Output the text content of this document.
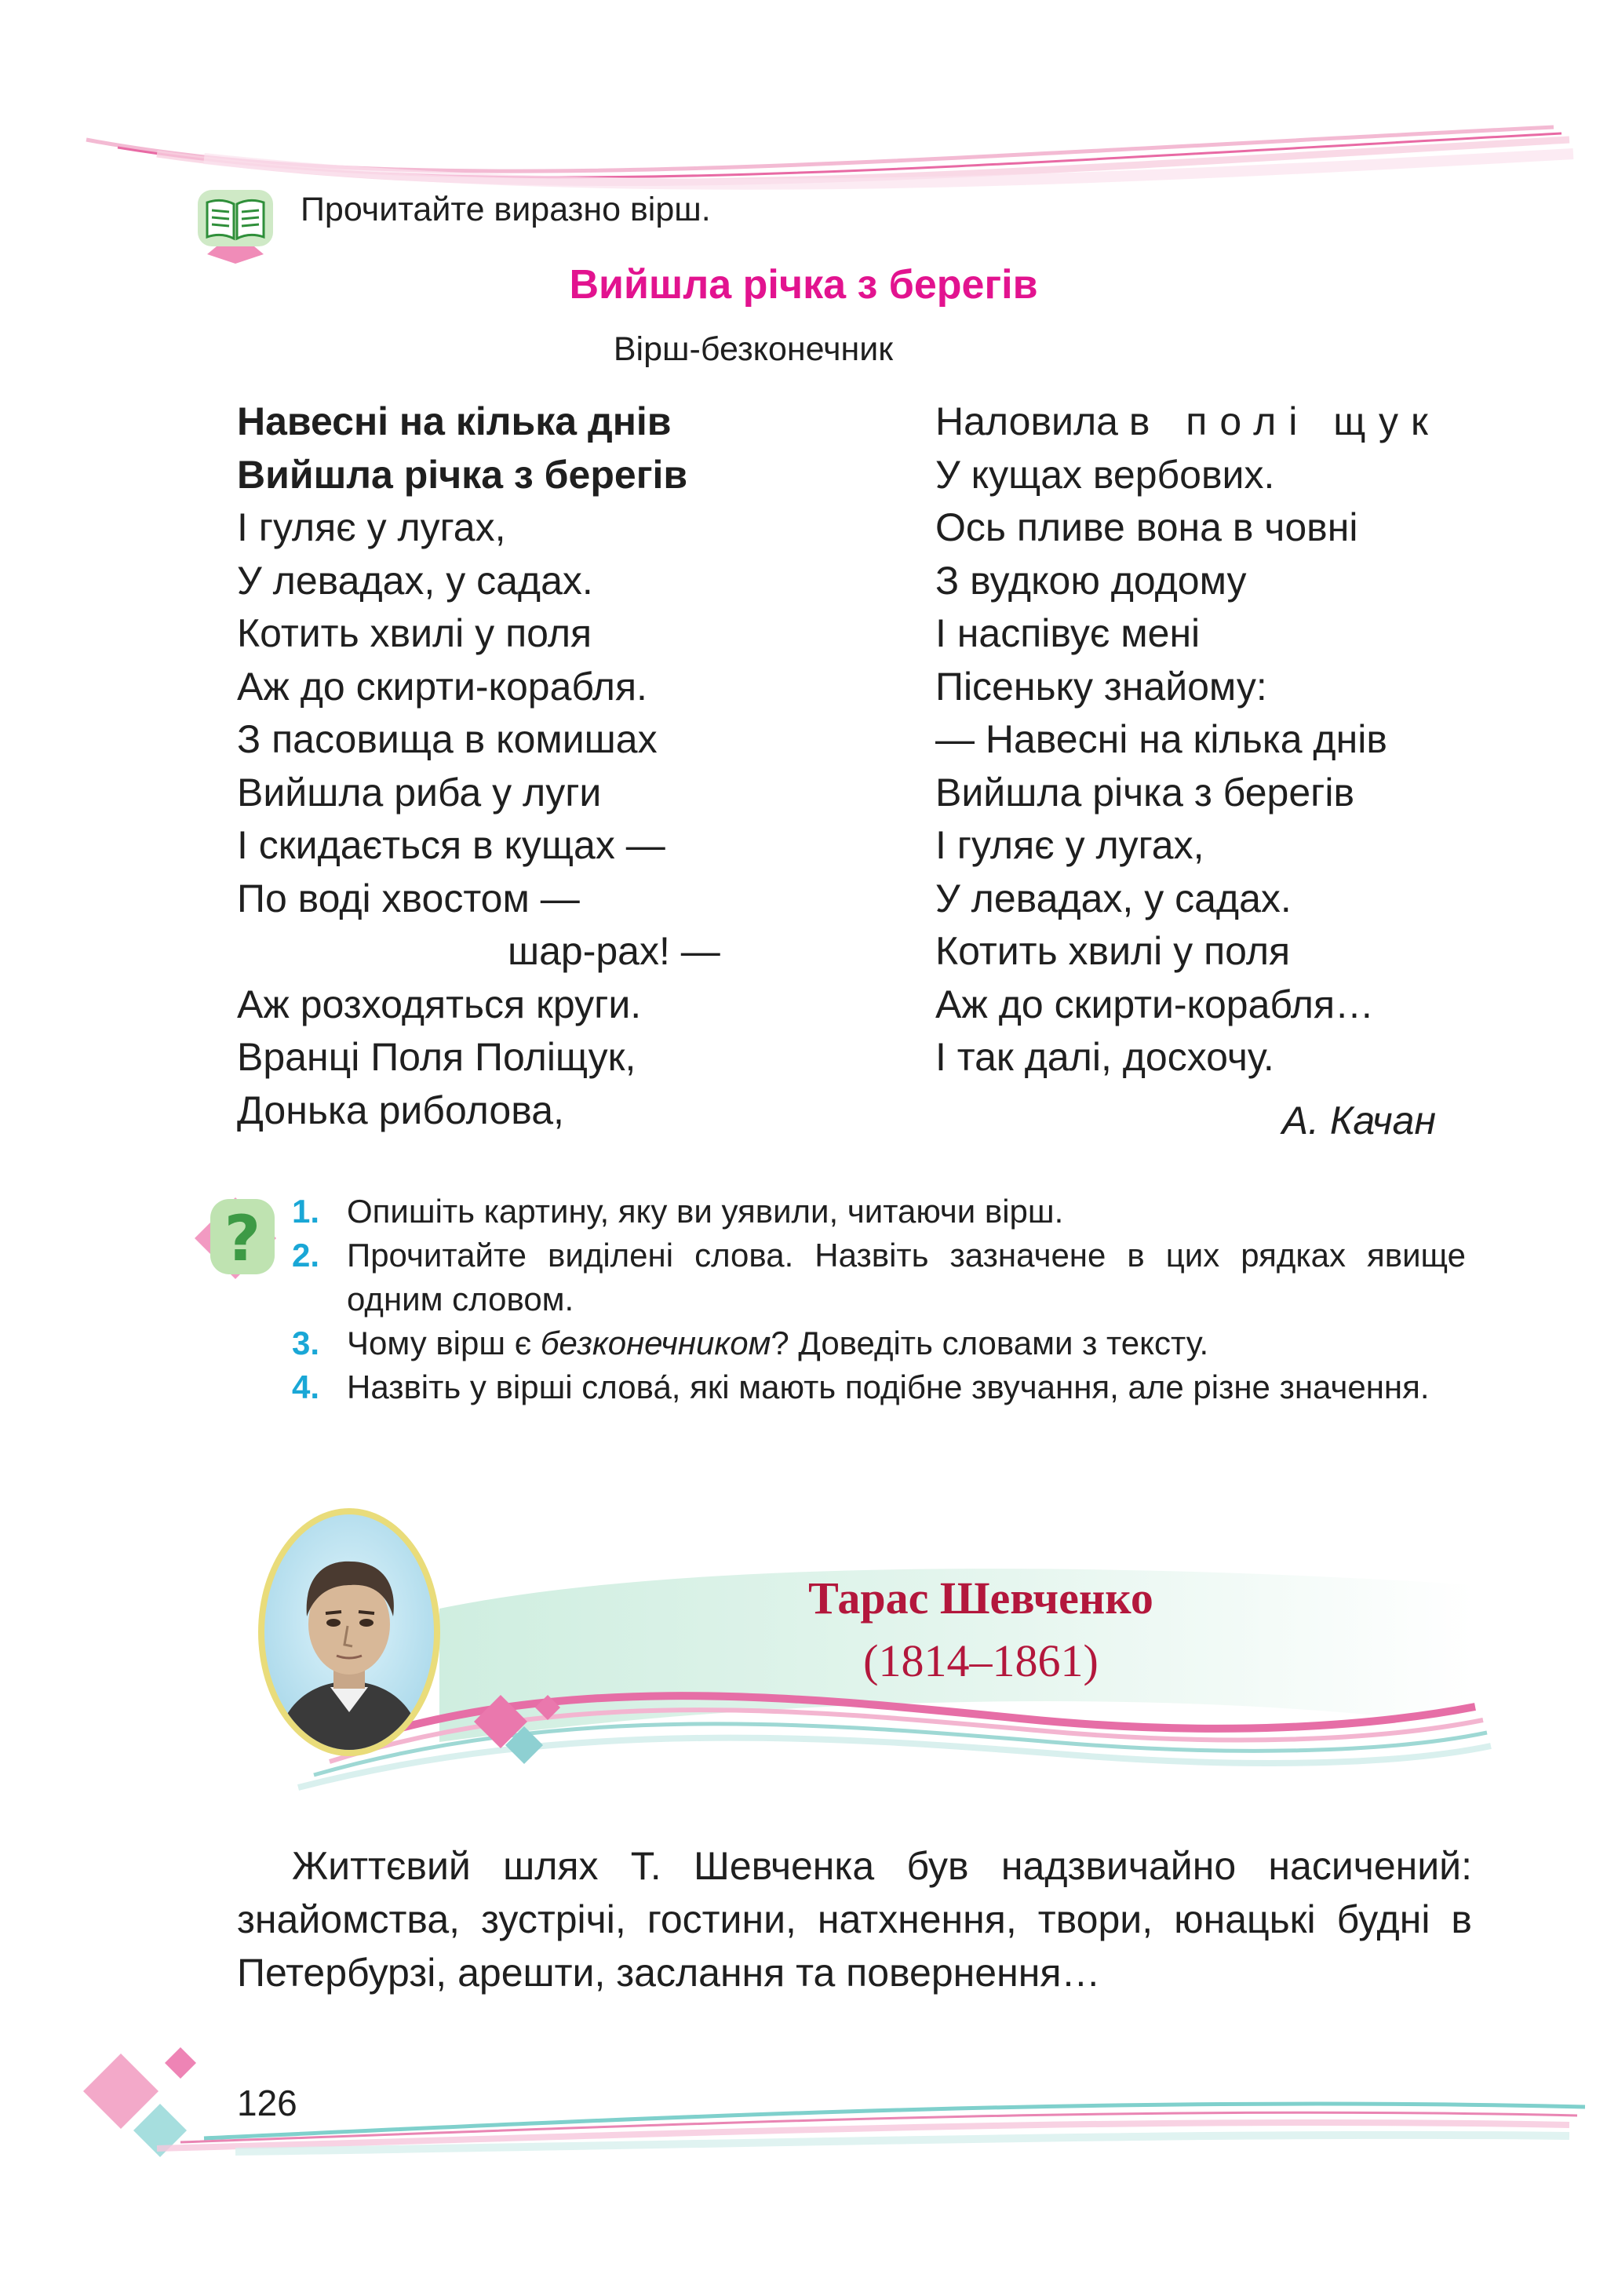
Прочитайте виразно вірш.
Вийшла річка з берегів
Вірш-безконечник
Навесні на кілька днів
Вийшла річка з берегів
І гуляє у лугах,
У левадах, у садах.
Котить хвилі у поля
Аж до скирти-корабля.
З пасовища в комишах
Вийшла риба у луги
І скидається в кущах —
По воді хвостом —
шар-рах! —
Аж розходяться круги.
Вранці Поля Поліщук,
Донька риболова,
Наловила в полі щук
У кущах вербових.
Ось пливе вона в човні
З вудкою додому
І наспівує мені
Пісеньку знайому:
— Навесні на кілька днів
Вийшла річка з берегів
І гуляє у лугах,
У левадах, у садах.
Котить хвилі у поля
Аж до скирти-корабля…
І так далі, досхочу.
А. Качан
? 1. Опишіть картину, яку ви уявили, читаючи вірш.
2. Прочитайте виділені слова. Назвіть зазначене в цих рядках явище одним словом.
3. Чому вірш є безконечником? Доведіть словами з тексту.
4. Назвіть у вірші слова́, які мають подібне звучання, але різне значення.
Тарас Шевченко
(1814–1861)
Життєвий шлях Т. Шевченка був надзвичайно насичений: знайомства, зустрічі, гостини, натхнення, твори, юнацькі будні в Петербурзі, арешти, заслання та повернення…
126
